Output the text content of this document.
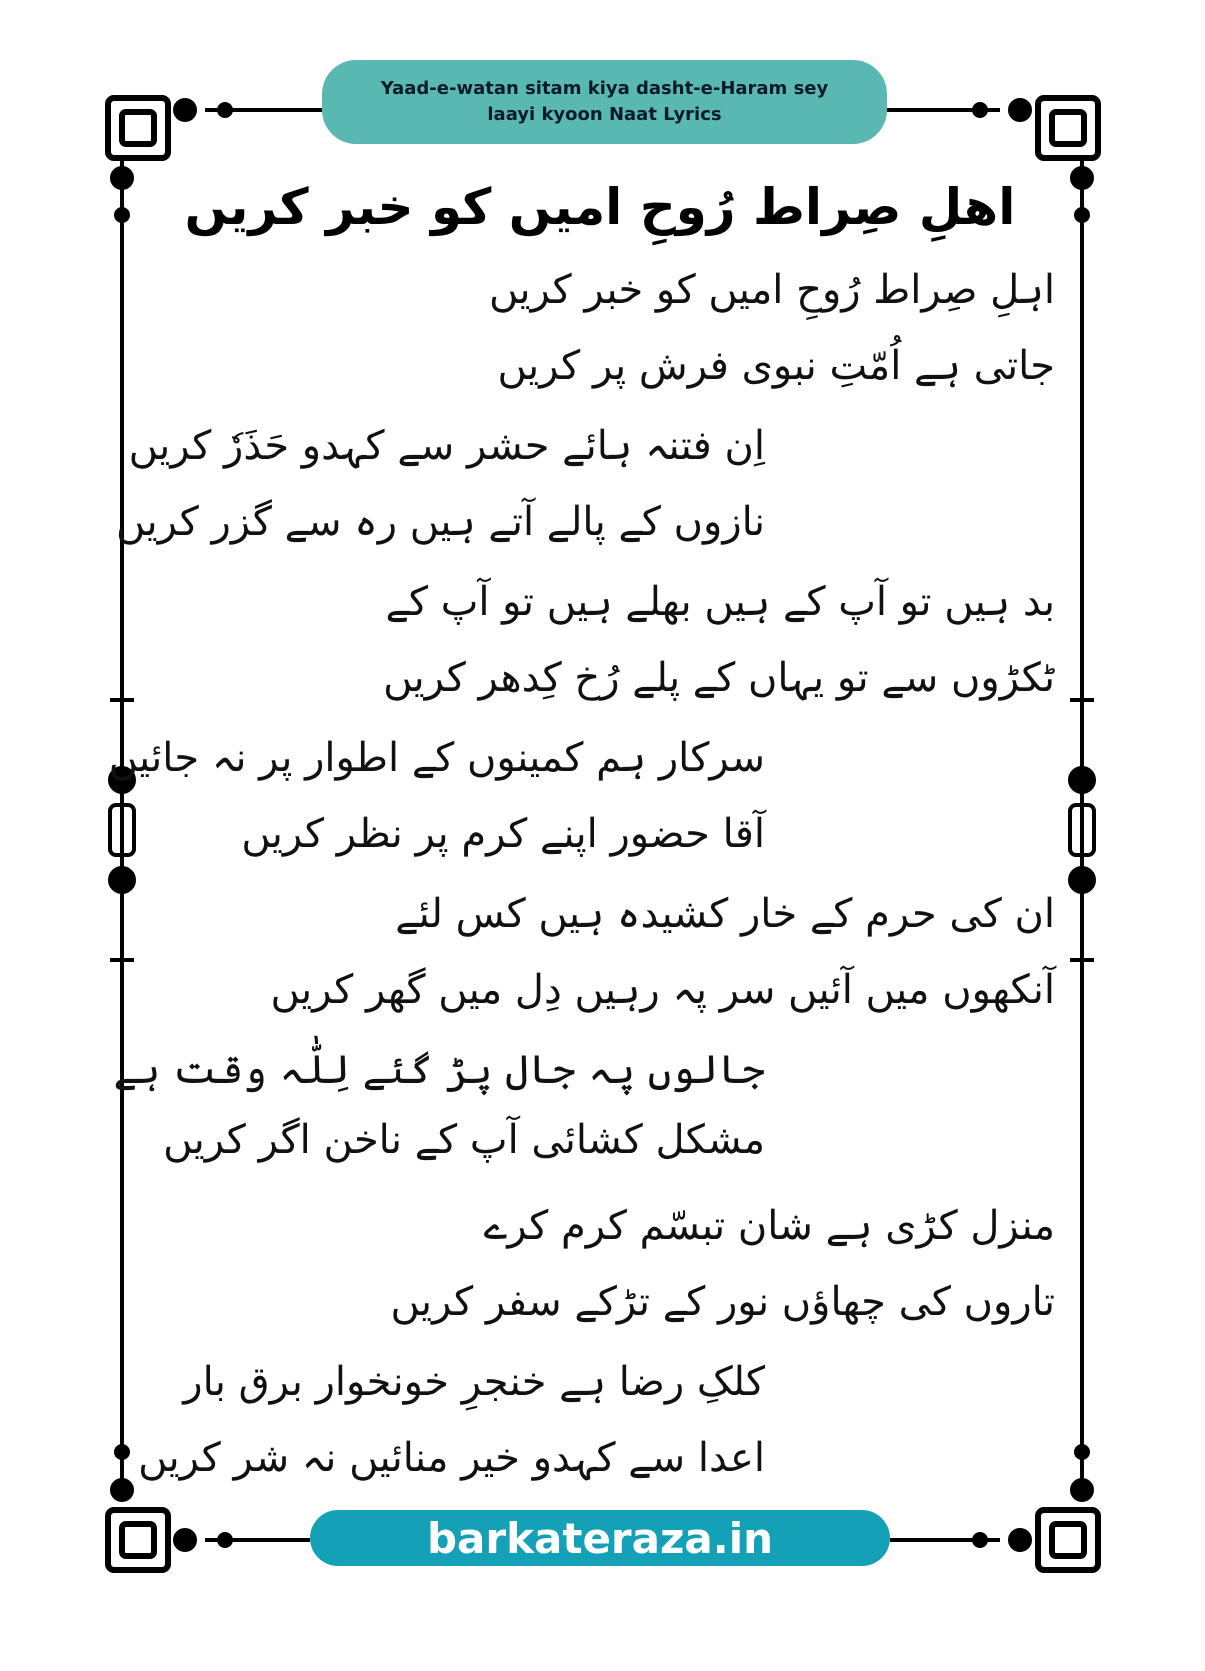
Yaad-e-watan sitam kiya dasht-e-Haram sey
laayi kyoon Naat Lyrics
اھلِ صِراط رُوحِ امیں کو خبر کریں
اہلِ صِراط رُوحِ امیں کو خبر کریں
جاتی ہے اُمّتِ نبوی فرش پر کریں
اِن فتنہ ہائے حشر سے کہدو حَذَرٗ کریں
نازوں کے پالے آتے ہیں رہ سے گزر کریں
بد ہیں تو آپ کے ہیں بھلے ہیں تو آپ کے
ٹکڑوں سے تو یہاں کے پلے رُخ کِدھر کریں
سرکار ہم کمینوں کے اطوار پر نہ جائیں
آقا حضور اپنے کرم پر نظر کریں
ان کی حرم کے خار کشیدہ ہیں کس لئے
آنکھوں میں آئیں سر پہ رہیں دِل میں گھر کریں
جالوں پہ جال پڑ گئے لِلّٰہ وقت ہے
مشکل کشائی آپ کے ناخن اگر کریں
منزل کڑی ہے شان تبسّم کرم کرے
تاروں کی چھاؤں نور کے تڑکے سفر کریں
کلکِ رضا ہے خنجرِ خونخوار برق بار
اعدا سے کہدو خیر منائیں نہ شر کریں
barkateraza.in
